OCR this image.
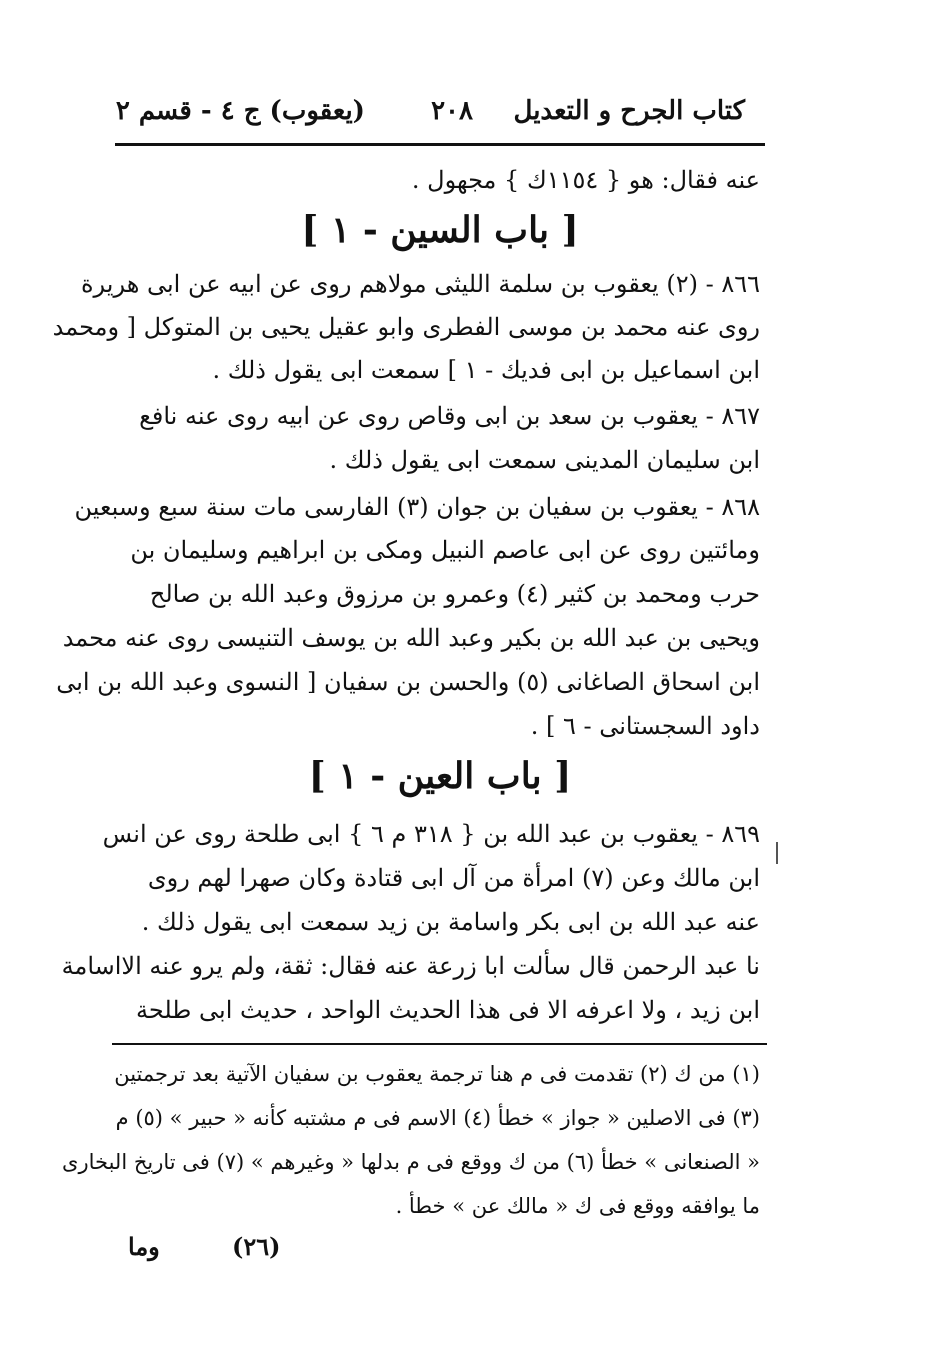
كتاب الجرح و التعديل
٢٠٨
(يعقوب) ج ٤ - قسم ٢
عنه فقال: هو { ١١٥٤ك } مجهول .
[ باب السين - ١ ]
٨٦٦ - (٢) يعقوب بن سلمة الليثى مولاهم روى عن ابيه عن ابى هريرة
روى عنه محمد بن موسى الفطرى وابو عقيل يحيى بن المتوكل [ ومحمد
ابن اسماعيل بن ابى فديك - ١ ] سمعت ابى يقول ذلك .
٨٦٧ - يعقوب بن سعد بن ابى وقاص روى عن ابيه روى عنه نافع
ابن سليمان المدينى سمعت ابى يقول ذلك .
٨٦٨ - يعقوب بن سفيان بن جوان (٣) الفارسى مات سنة سبع وسبعين
ومائتين روى عن ابى عاصم النبيل ومكى بن ابراهيم وسليمان بن
حرب ومحمد بن كثير (٤) وعمرو بن مرزوق وعبد الله بن صالح
ويحيى بن عبد الله بن بكير وعبد الله بن يوسف التنيسى روى عنه محمد
ابن اسحاق الصاغانى (٥) والحسن بن سفيان [ النسوى وعبد الله بن ابى
داود السجستانى - ٦ ] .
[ باب العين - ١ ]
٨٦٩ - يعقوب بن عبد الله بن { ٣١٨ م ٦ } ابى طلحة روى عن انس
ابن مالك وعن (٧) امرأة من آل ابى قتادة وكان صهرا لهم روى
عنه عبد الله بن ابى بكر واسامة بن زيد سمعت ابى يقول ذلك .
نا عبد الرحمن قال سألت ابا زرعة عنه فقال: ثقة، ولم يرو عنه الااسامة
ابن زيد ، ولا اعرفه الا فى هذا الحديث الواحد ، حديث ابى طلحة
(١) من ك (٢) تقدمت فى م هنا ترجمة يعقوب بن سفيان الآتية بعد ترجمتين
(٣) فى الاصلين « جواز » خطأ (٤) الاسم فى م مشتبه كأنه « حبير » (٥) م
« الصنعانى » خطأ (٦) من ك ووقع فى م بدلها « وغيرهم » (٧) فى تاريخ البخارى
ما يوافقه ووقع فى ك « مالك عن » خطأ .
(٢٦)
وما
